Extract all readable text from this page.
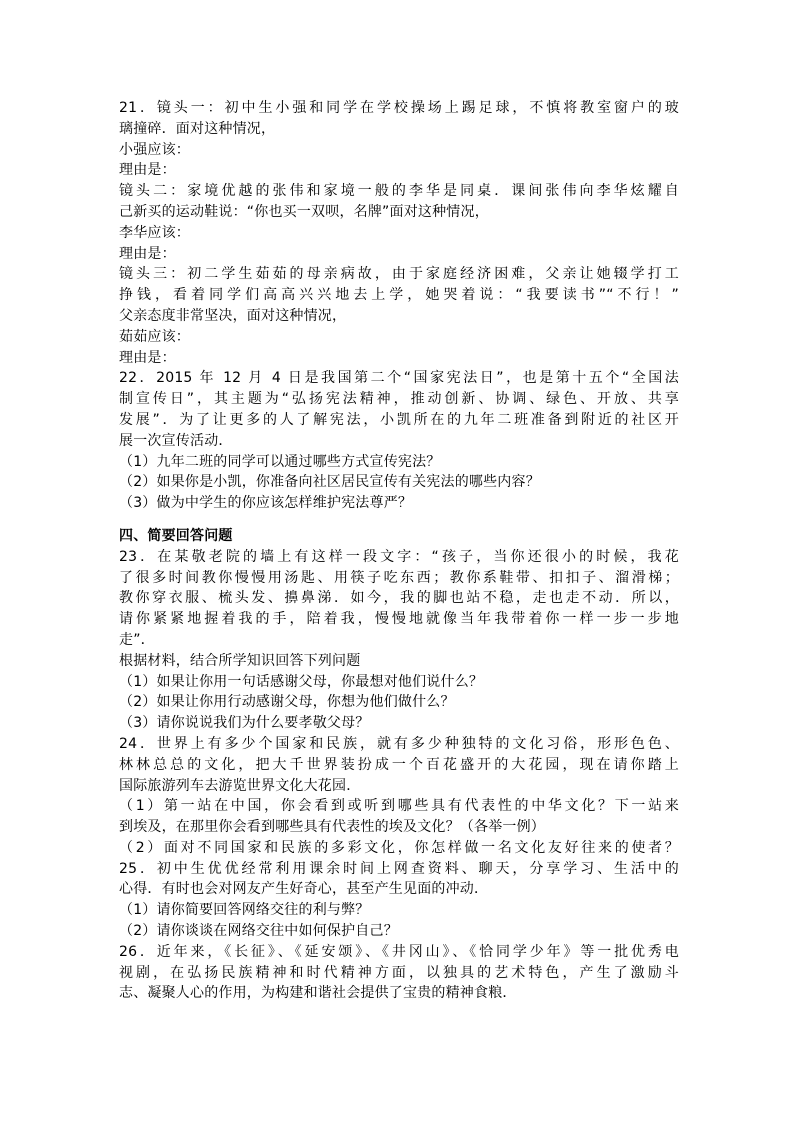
21．镜头一：初中生小强和同学在学校操场上踢足球，不慎将教室窗户的玻
璃撞碎．面对这种情况，
小强应该：
理由是：
镜头二：家境优越的张伟和家境一般的李华是同桌．课间张伟向李华炫耀自
己新买的运动鞋说：“你也买一双呗，名牌”面对这种情况，
李华应该：
理由是：
镜头三：初二学生茹茹的母亲病故，由于家庭经济困难，父亲让她辍学打工
挣钱，看着同学们高高兴兴地去上学，她哭着说：“我要读书”“不行！”
父亲态度非常坚决，面对这种情况，
茹茹应该：
理由是：
22．2015 年 12 月 4 日是我国第二个“国家宪法日”，也是第十五个“全国法
制宣传日”，其主题为“弘扬宪法精神，推动创新、协调、绿色、开放、共享
发展”．为了让更多的人了解宪法，小凯所在的九年二班准备到附近的社区开
展一次宣传活动．
（1）九年二班的同学可以通过哪些方式宣传宪法？
（2）如果你是小凯，你准备向社区居民宣传有关宪法的哪些内容？
（3）做为中学生的你应该怎样维护宪法尊严？
四、简要回答问题
23．在某敬老院的墙上有这样一段文字：“孩子，当你还很小的时候，我花
了很多时间教你慢慢用汤匙、用筷子吃东西；教你系鞋带、扣扣子、溜滑梯；
教你穿衣服、梳头发、擤鼻涕．如今，我的脚也站不稳，走也走不动．所以，
请你紧紧地握着我的手，陪着我，慢慢地就像当年我带着你一样一步一步地
走”．
根据材料，结合所学知识回答下列问题
（1）如果让你用一句话感谢父母，你最想对他们说什么？
（2）如果让你用行动感谢父母，你想为他们做什么？
（3）请你说说我们为什么要孝敬父母？
24．世界上有多少个国家和民族，就有多少种独特的文化习俗，形形色色、
林林总总的文化，把大千世界装扮成一个百花盛开的大花园，现在请你踏上
国际旅游列车去游览世界文化大花园．
（1）第一站在中国，你会看到或听到哪些具有代表性的中华文化？下一站来
到埃及，在那里你会看到哪些具有代表性的埃及文化？（各举一例）
（2）面对不同国家和民族的多彩文化，你怎样做一名文化友好往来的使者？
25．初中生优优经常利用课余时间上网查资料、聊天，分享学习、生活中的
心得．有时也会对网友产生好奇心，甚至产生见面的冲动．
（1）请你简要回答网络交往的利与弊？
（2）请你谈谈在网络交往中如何保护自己？
26．近年来，《长征》、《延安颂》、《井冈山》、《恰同学少年》等一批优秀电
视剧，在弘扬民族精神和时代精神方面，以独具的艺术特色，产生了激励斗
志、凝聚人心的作用，为构建和谐社会提供了宝贵的精神食粮．
